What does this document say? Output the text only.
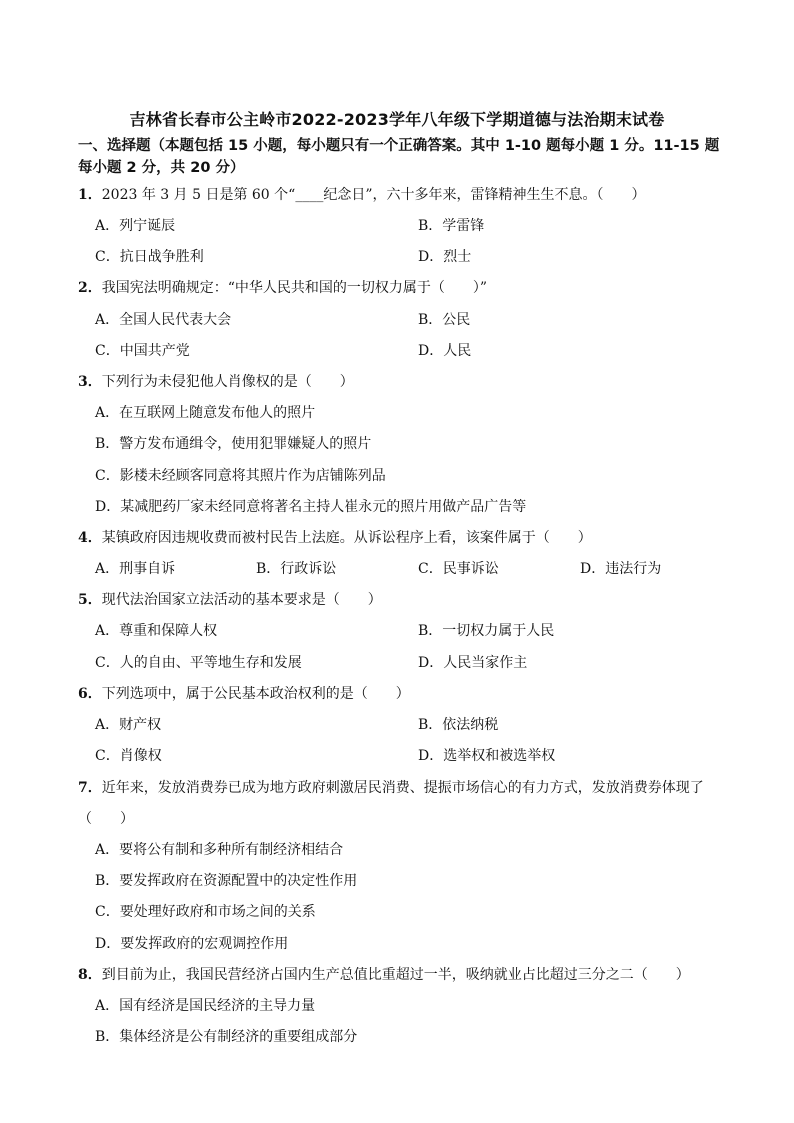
吉林省长春市公主岭市2022-2023学年八年级下学期道德与法治期末试卷
一、选择题（本题包括 15 小题，每小题只有一个正确答案。其中 1-10 题每小题 1 分。11-15 题
每小题 2 分，共 20 分）
1．2023 年 3 月 5 日是第 60 个“____纪念日”，六十多年来，雷锋精神生生不息。（　　）
A．列宁诞辰	B．学雷锋
C．抗日战争胜利	D．烈士
2．我国宪法明确规定：“中华人民共和国的一切权力属于（　　）”
A．全国人民代表大会	B．公民
C．中国共产党	D．人民
3．下列行为未侵犯他人肖像权的是（　　）
A．在互联网上随意发布他人的照片
B．警方发布通缉令，使用犯罪嫌疑人的照片
C．影楼未经顾客同意将其照片作为店铺陈列品
D．某减肥药厂家未经同意将著名主持人崔永元的照片用做产品广告等
4．某镇政府因违规收费而被村民告上法庭。从诉讼程序上看，该案件属于（　　）
A．刑事自诉	B．行政诉讼	C．民事诉讼	D．违法行为
5．现代法治国家立法活动的基本要求是（　　）
A．尊重和保障人权	B．一切权力属于人民
C．人的自由、平等地生存和发展	D．人民当家作主
6．下列选项中，属于公民基本政治权利的是（　　）
A．财产权	B．依法纳税
C．肖像权	D．选举权和被选举权
7．近年来，发放消费券已成为地方政府刺激居民消费、提振市场信心的有力方式，发放消费券体现了
（　　）
A．要将公有制和多种所有制经济相结合
B．要发挥政府在资源配置中的决定性作用
C．要处理好政府和市场之间的关系
D．要发挥政府的宏观调控作用
8．到目前为止，我国民营经济占国内生产总值比重超过一半，吸纳就业占比超过三分之二（　　）
A．国有经济是国民经济的主导力量
B．集体经济是公有制经济的重要组成部分
